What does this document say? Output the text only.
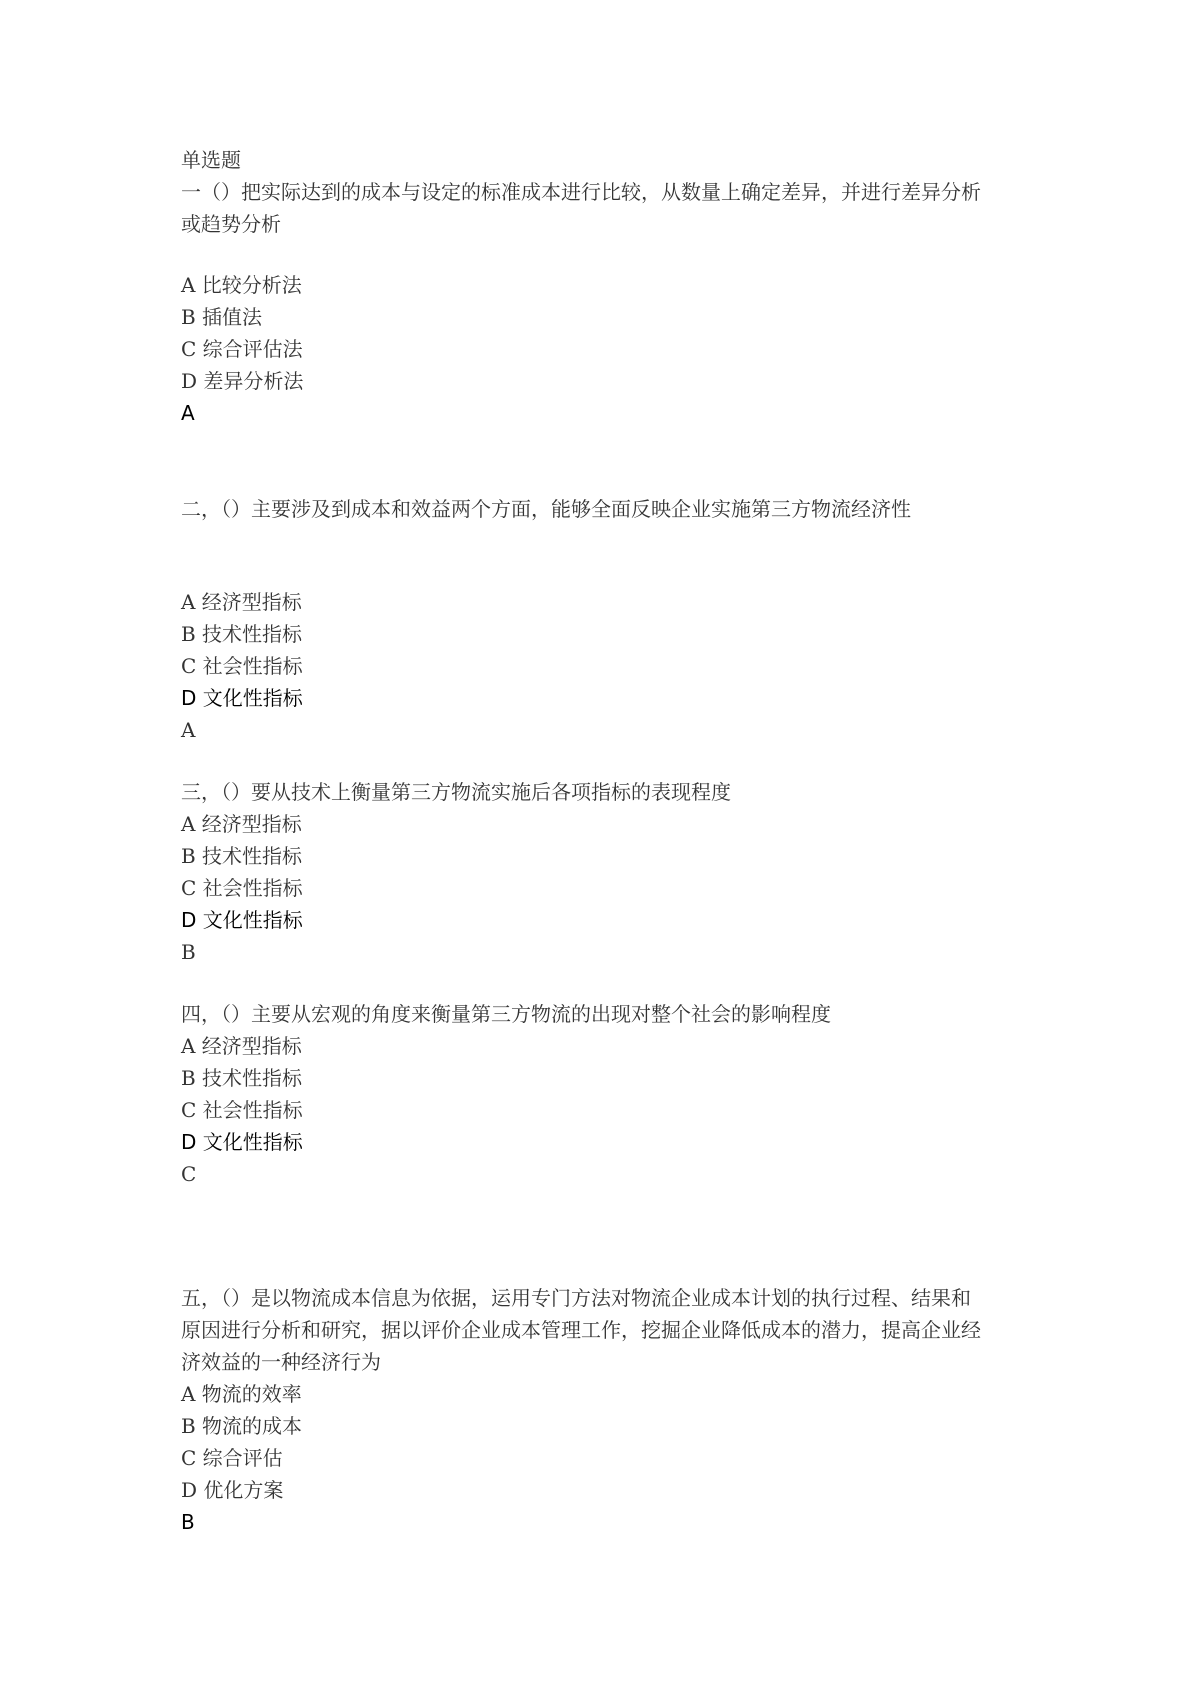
单选题

一（）把实际达到的成本与设定的标准成本进行比较，从数量上确定差异，并进行差异分析

或趋势分析

A 比较分析法

B 插值法

C 综合评估法

D 差异分析法

A

二，（）主要涉及到成本和效益两个方面，能够全面反映企业实施第三方物流经济性

A 经济型指标

B 技术性指标

C 社会性指标

D 文化性指标

A

三，（）要从技术上衡量第三方物流实施后各项指标的表现程度

A 经济型指标

B 技术性指标

C 社会性指标

D 文化性指标

B

四，（）主要从宏观的角度来衡量第三方物流的出现对整个社会的影响程度

A 经济型指标

B 技术性指标

C 社会性指标

D 文化性指标

C

五，（）是以物流成本信息为依据，运用专门方法对物流企业成本计划的执行过程、结果和

原因进行分析和研究，据以评价企业成本管理工作，挖掘企业降低成本的潜力，提高企业经

济效益的一种经济行为

A 物流的效率

B 物流的成本

C 综合评估

D 优化方案

B
